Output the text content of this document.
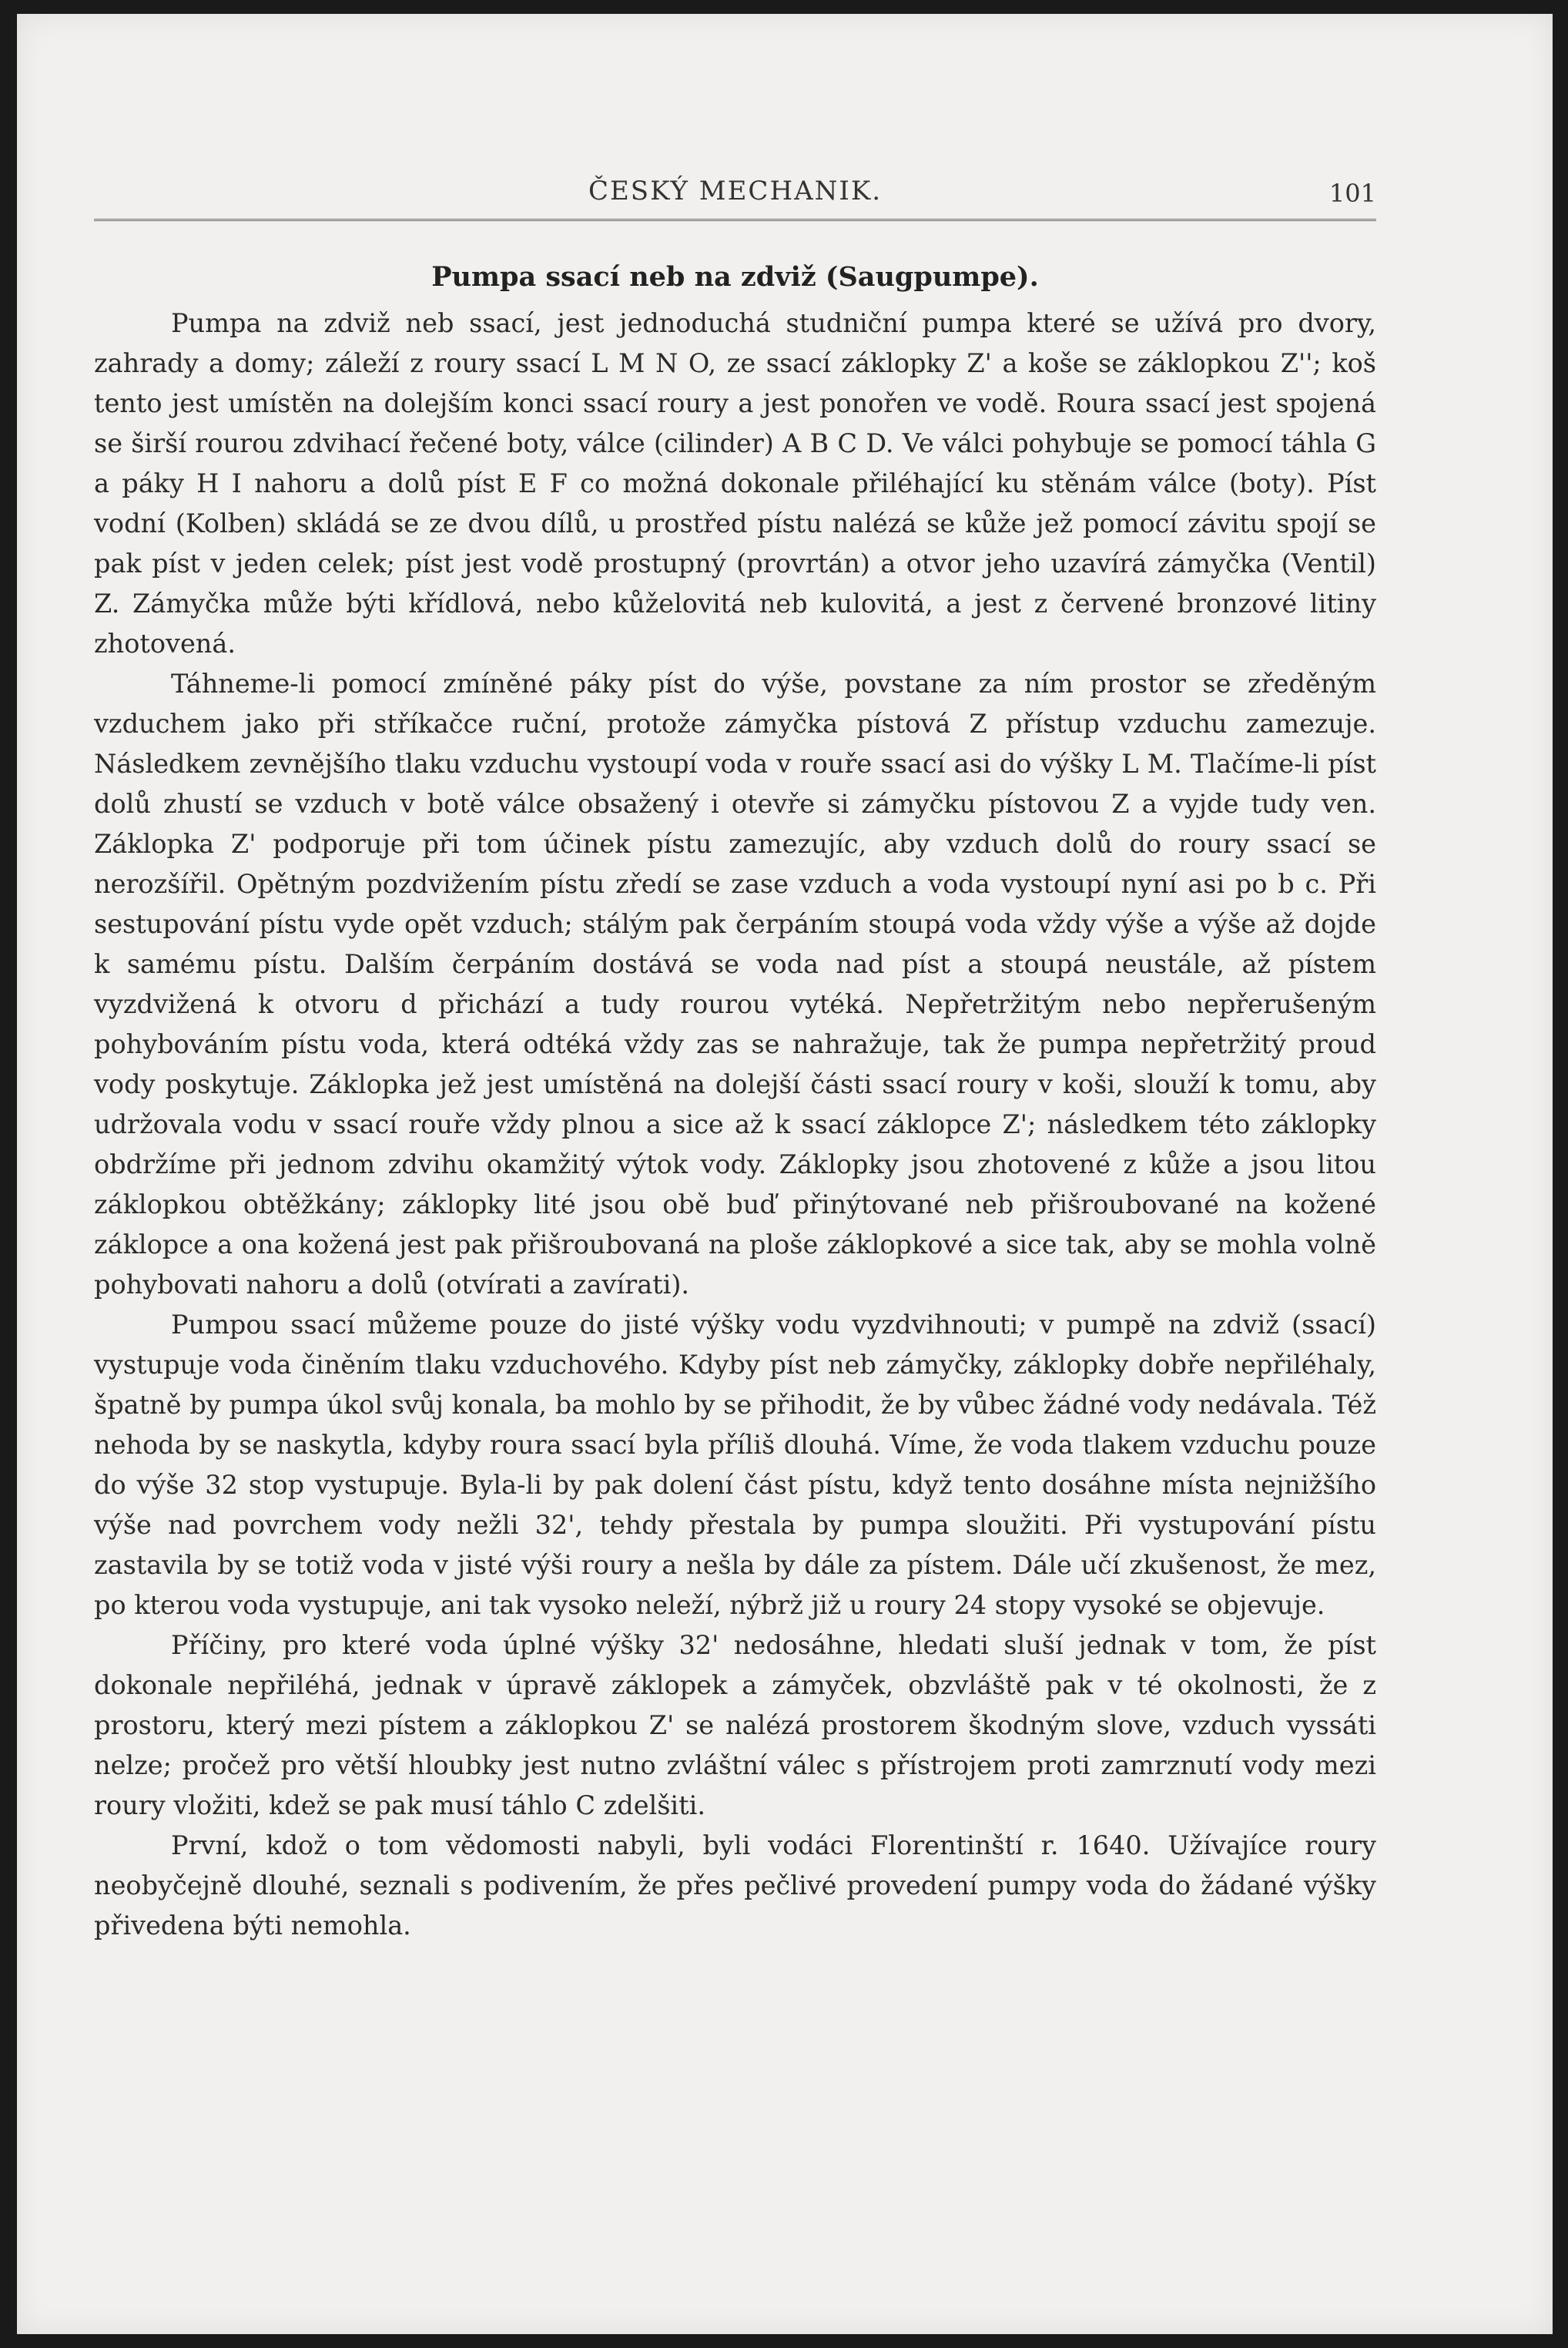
ČESKÝ MECHANIK.	101
Pumpa ssací neb na zdviž (Saugpumpe).

Pumpa na zdviž neb ssací, jest jednoduchá studniční pumpa které se užívá pro dvory, zahrady a domy; záleží z roury ssací L M N O, ze ssací záklopky Z' a koše se záklopkou Z''; koš tento jest umístěn na dolejším konci ssací roury a jest ponořen ve vodě. Roura ssací jest spojená se širší rourou zdvihací řečené boty, válce (cilinder) A B C D. Ve válci pohybuje se pomocí táhla G a páky H I nahoru a dolů píst E F co možná dokonale přiléhající ku stěnám válce (boty). Píst vodní (Kolben) skládá se ze dvou dílů, u prostřed pístu nalézá se kůže jež pomocí závitu spojí se pak píst v jeden celek; píst jest vodě prostupný (provrtán) a otvor jeho uzavírá zámyčka (Ventil) Z. Zámyčka může býti křídlová, nebo kůželovitá neb kulovitá, a jest z červené bronzové litiny zhotovená.

Táhneme-li pomocí zmíněné páky píst do výše, povstane za ním prostor se zředěným vzduchem jako při stříkačce ruční, protože zámyčka pístová Z přístup vzduchu zamezuje. Následkem zevnějšího tlaku vzduchu vystoupí voda v rouře ssací asi do výšky L M. Tlačíme-li píst dolů zhustí se vzduch v botě válce obsažený i otevře si zámyčku pístovou Z a vyjde tudy ven. Záklopka Z' podporuje při tom účinek pístu zamezujíc, aby vzduch dolů do roury ssací se nerozšířil. Opětným pozdvižením pístu zředí se zase vzduch a voda vystoupí nyní asi po b c. Při sestupování pístu vyde opět vzduch; stálým pak čerpáním stoupá voda vždy výše a výše až dojde k samému pístu. Dalším čerpáním dostává se voda nad píst a stoupá neustále, až pístem vyzdvižená k otvoru d přichází a tudy rourou vytéká. Nepřetržitým nebo nepřerušeným pohybováním pístu voda, která odtéká vždy zas se nahražuje, tak že pumpa nepřetržitý proud vody poskytuje. Záklopka jež jest umístěná na dolejší části ssací roury v koši, slouží k tomu, aby udržovala vodu v ssací rouře vždy plnou a sice až k ssací záklopce Z'; následkem této záklopky obdržíme při jednom zdvihu okamžitý výtok vody. Záklopky jsou zhotovené z kůže a jsou litou záklopkou obtěžkány; záklopky lité jsou obě buď přinýtované neb přišroubované na kožené záklopce a ona kožená jest pak přišroubovaná na ploše záklopkové a sice tak, aby se mohla volně pohybovati nahoru a dolů (otvírati a zavírati).

Pumpou ssací můžeme pouze do jisté výšky vodu vyzdvihnouti; v pumpě na zdviž (ssací) vystupuje voda činěním tlaku vzduchového. Kdyby píst neb zámyčky, záklopky dobře nepřiléhaly, špatně by pumpa úkol svůj konala, ba mohlo by se přihodit, že by vůbec žádné vody nedávala. Též nehoda by se naskytla, kdyby roura ssací byla příliš dlouhá. Víme, že voda tlakem vzduchu pouze do výše 32 stop vystupuje. Byla-li by pak dolení část pístu, když tento dosáhne místa nejnižšího výše nad povrchem vody nežli 32', tehdy přestala by pumpa sloužiti. Při vystupování pístu zastavila by se totiž voda v jisté výši roury a nešla by dále za pístem. Dále učí zkušenost, že mez, po kterou voda vystupuje, ani tak vysoko neleží, nýbrž již u roury 24 stopy vysoké se objevuje.

Příčiny, pro které voda úplné výšky 32' nedosáhne, hledati sluší jednak v tom, že píst dokonale nepřiléhá, jednak v úpravě záklopek a zámyček, obzvláště pak v té okolnosti, že z prostoru, který mezi pístem a záklopkou Z' se nalézá prostorem škodným slove, vzduch vyssáti nelze; pročež pro větší hloubky jest nutno zvláštní válec s přístrojem proti zamrznutí vody mezi roury vložiti, kdež se pak musí táhlo C zdelšiti.

První, kdož o tom vědomosti nabyli, byli vodáci Florentinští r. 1640. Užívajíce roury neobyčejně dlouhé, seznali s podivením, že přes pečlivé provedení pumpy voda do žádané výšky přivedena býti nemohla.
